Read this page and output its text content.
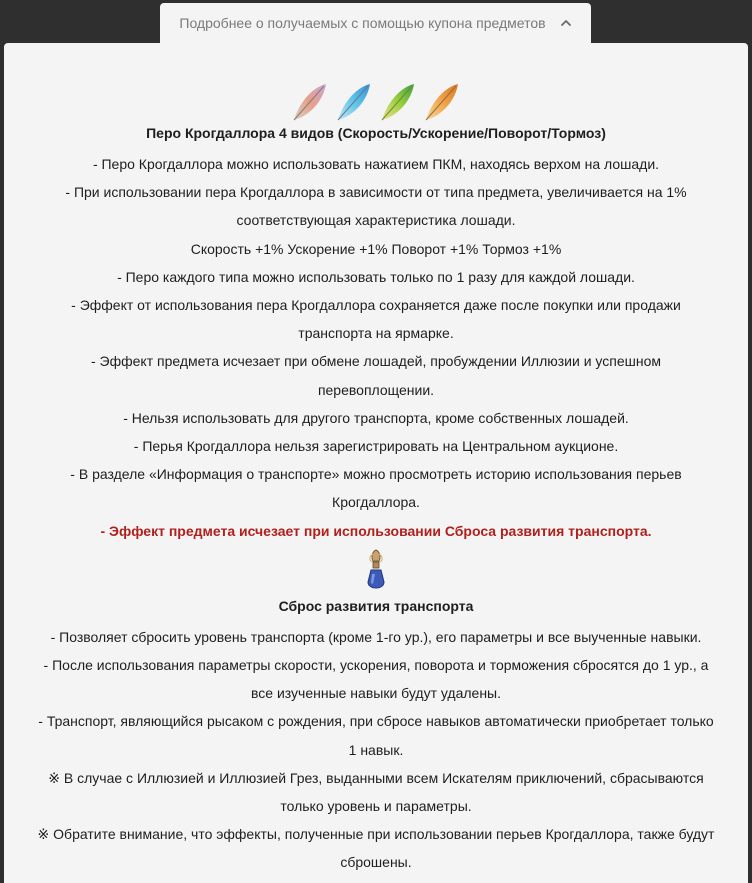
Подробнее о получаемых с помощью купона предметов
Перо Крогдаллора 4 видов (Скорость/Ускорение/Поворот/Тормоз)
- Перо Крогдаллора можно использовать нажатием ПКМ, находясь верхом на лошади.
- При использовании пера Крогдаллора в зависимости от типа предмета, увеличивается на 1%
соответствующая характеристика лошади.
Скорость +1% Ускорение +1% Поворот +1% Тормоз +1%
- Перо каждого типа можно использовать только по 1 разу для каждой лошади.
- Эффект от использования пера Крогдаллора сохраняется даже после покупки или продажи
транспорта на ярмарке.
- Эффект предмета исчезает при обмене лошадей, пробуждении Иллюзии и успешном
перевоплощении.
- Нельзя использовать для другого транспорта, кроме собственных лошадей.
- Перья Крогдаллора нельзя зарегистрировать на Центральном аукционе.
- В разделе «Информация о транспорте» можно просмотреть историю использования перьев
Крогдаллора.
- Эффект предмета исчезает при использовании Сброса развития транспорта.
Сброс развития транспорта
- Позволяет сбросить уровень транспорта (кроме 1-го ур.), его параметры и все выученные навыки.
- После использования параметры скорости, ускорения, поворота и торможения сбросятся до 1 ур., а
все изученные навыки будут удалены.
- Транспорт, являющийся рысаком с рождения, при сбросе навыков автоматически приобретает только
1 навык.
※ В случае с Иллюзией и Иллюзией Грез, выданными всем Искателям приключений, сбрасываются
только уровень и параметры.
※ Обратите внимание, что эффекты, полученные при использовании перьев Крогдаллора, также будут
сброшены.
